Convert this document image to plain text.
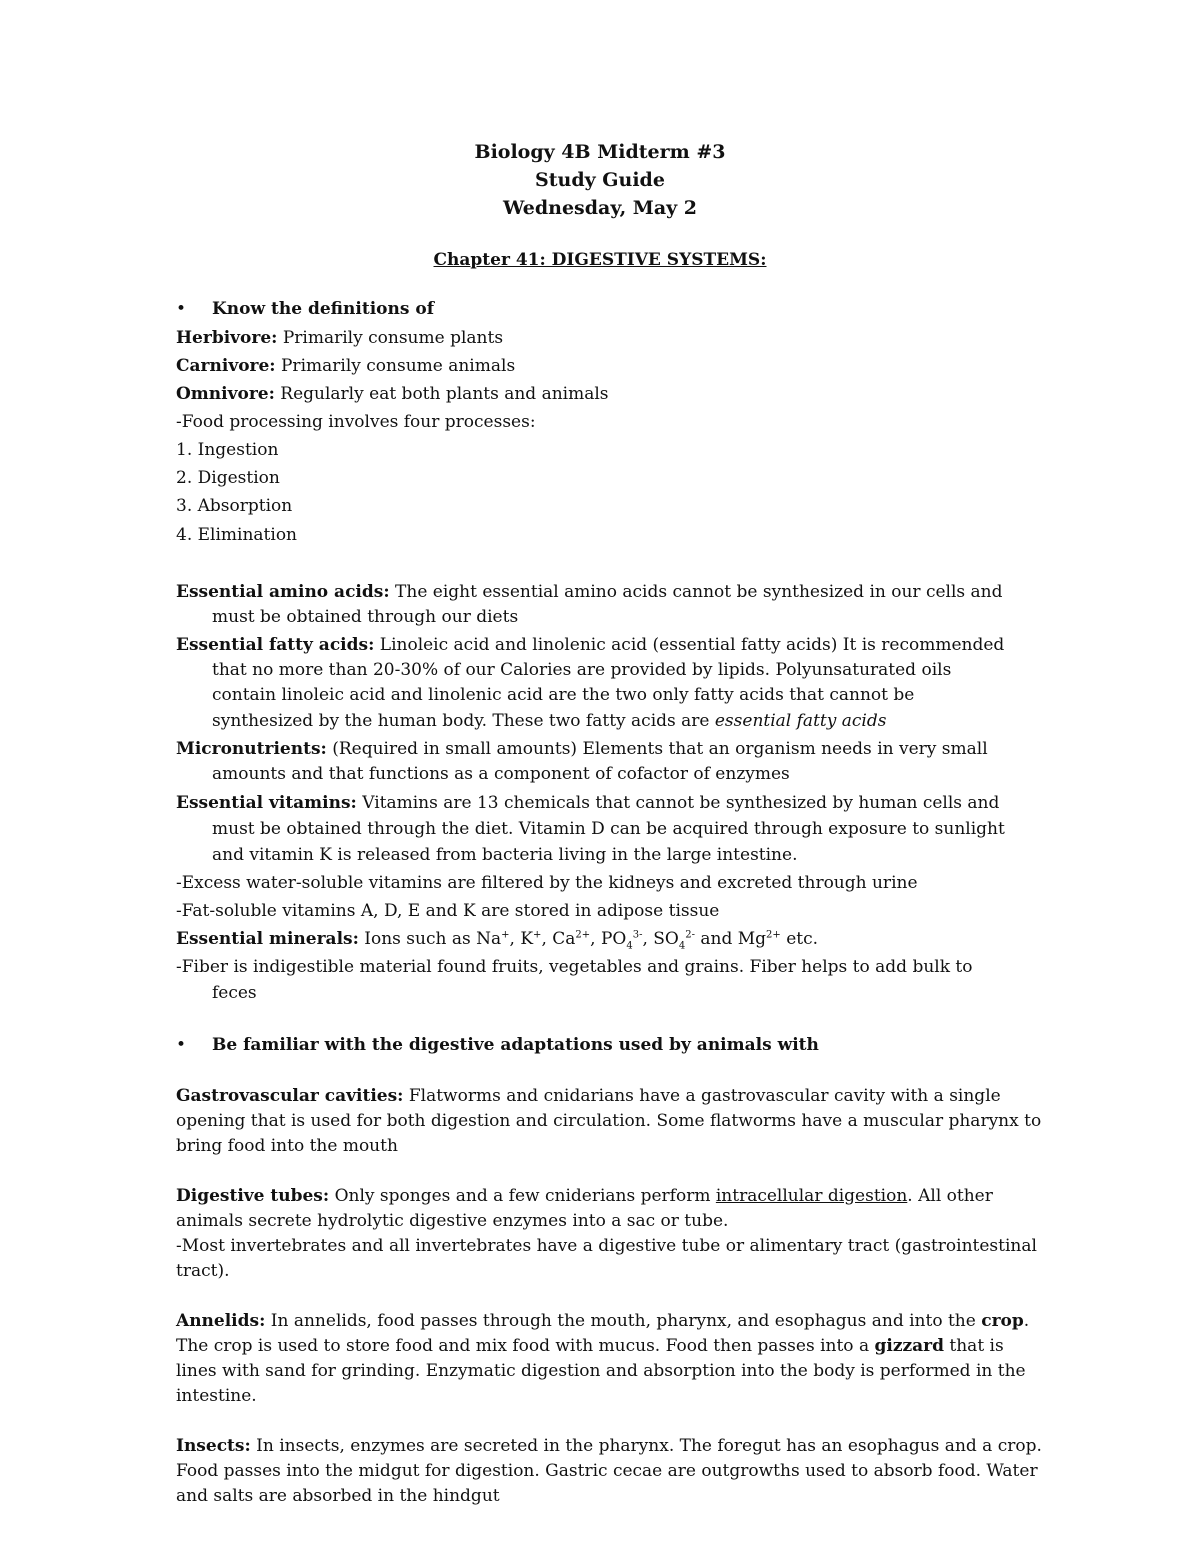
Biology 4B Midterm #3
Study Guide
Wednesday, May 2
Chapter 41: DIGESTIVE SYSTEMS:
• Know the definitions of
Herbivore: Primarily consume plants
Carnivore: Primarily consume animals
Omnivore: Regularly eat both plants and animals
-Food processing involves four processes:
1. Ingestion
2. Digestion
3. Absorption
4. Elimination
Essential amino acids: The eight essential amino acids cannot be synthesized in our cells and
must be obtained through our diets
Essential fatty acids: Linoleic acid and linolenic acid (essential fatty acids) It is recommended
that no more than 20-30% of our Calories are provided by lipids. Polyunsaturated oils
contain linoleic acid and linolenic acid are the two only fatty acids that cannot be
synthesized by the human body. These two fatty acids are essential fatty acids
Micronutrients: (Required in small amounts) Elements that an organism needs in very small
amounts and that functions as a component of cofactor of enzymes
Essential vitamins: Vitamins are 13 chemicals that cannot be synthesized by human cells and
must be obtained through the diet. Vitamin D can be acquired through exposure to sunlight
and vitamin K is released from bacteria living in the large intestine.
-Excess water-soluble vitamins are filtered by the kidneys and excreted through urine
-Fat-soluble vitamins A, D, E and K are stored in adipose tissue
Essential minerals: Ions such as Na+, K+, $Ca^{2+}$, $PO_4^{3-}$, $SO_4^{2-}$ and $Mg^{2+}$ etc.
-Fiber is indigestible material found fruits, vegetables and grains. Fiber helps to add bulk to
feces
• Be familiar with the digestive adaptations used by animals with
Gastrovascular cavities: Flatworms and cnidarians have a gastrovascular cavity with a single
opening that is used for both digestion and circulation. Some flatworms have a muscular pharynx to
bring food into the mouth
Digestive tubes: Only sponges and a few cniderians perform intracellular digestion. All other
animals secrete hydrolytic digestive enzymes into a sac or tube.
-Most invertebrates and all invertebrates have a digestive tube or alimentary tract (gastrointestinal
tract).
Annelids: In annelids, food passes through the mouth, pharynx, and esophagus and into the crop.
The crop is used to store food and mix food with mucus. Food then passes into a gizzard that is
lines with sand for grinding. Enzymatic digestion and absorption into the body is performed in the
intestine.
Insects: In insects, enzymes are secreted in the pharynx. The foregut has an esophagus and a crop.
Food passes into the midgut for digestion. Gastric cecae are outgrowths used to absorb food. Water
and salts are absorbed in the hindgut
